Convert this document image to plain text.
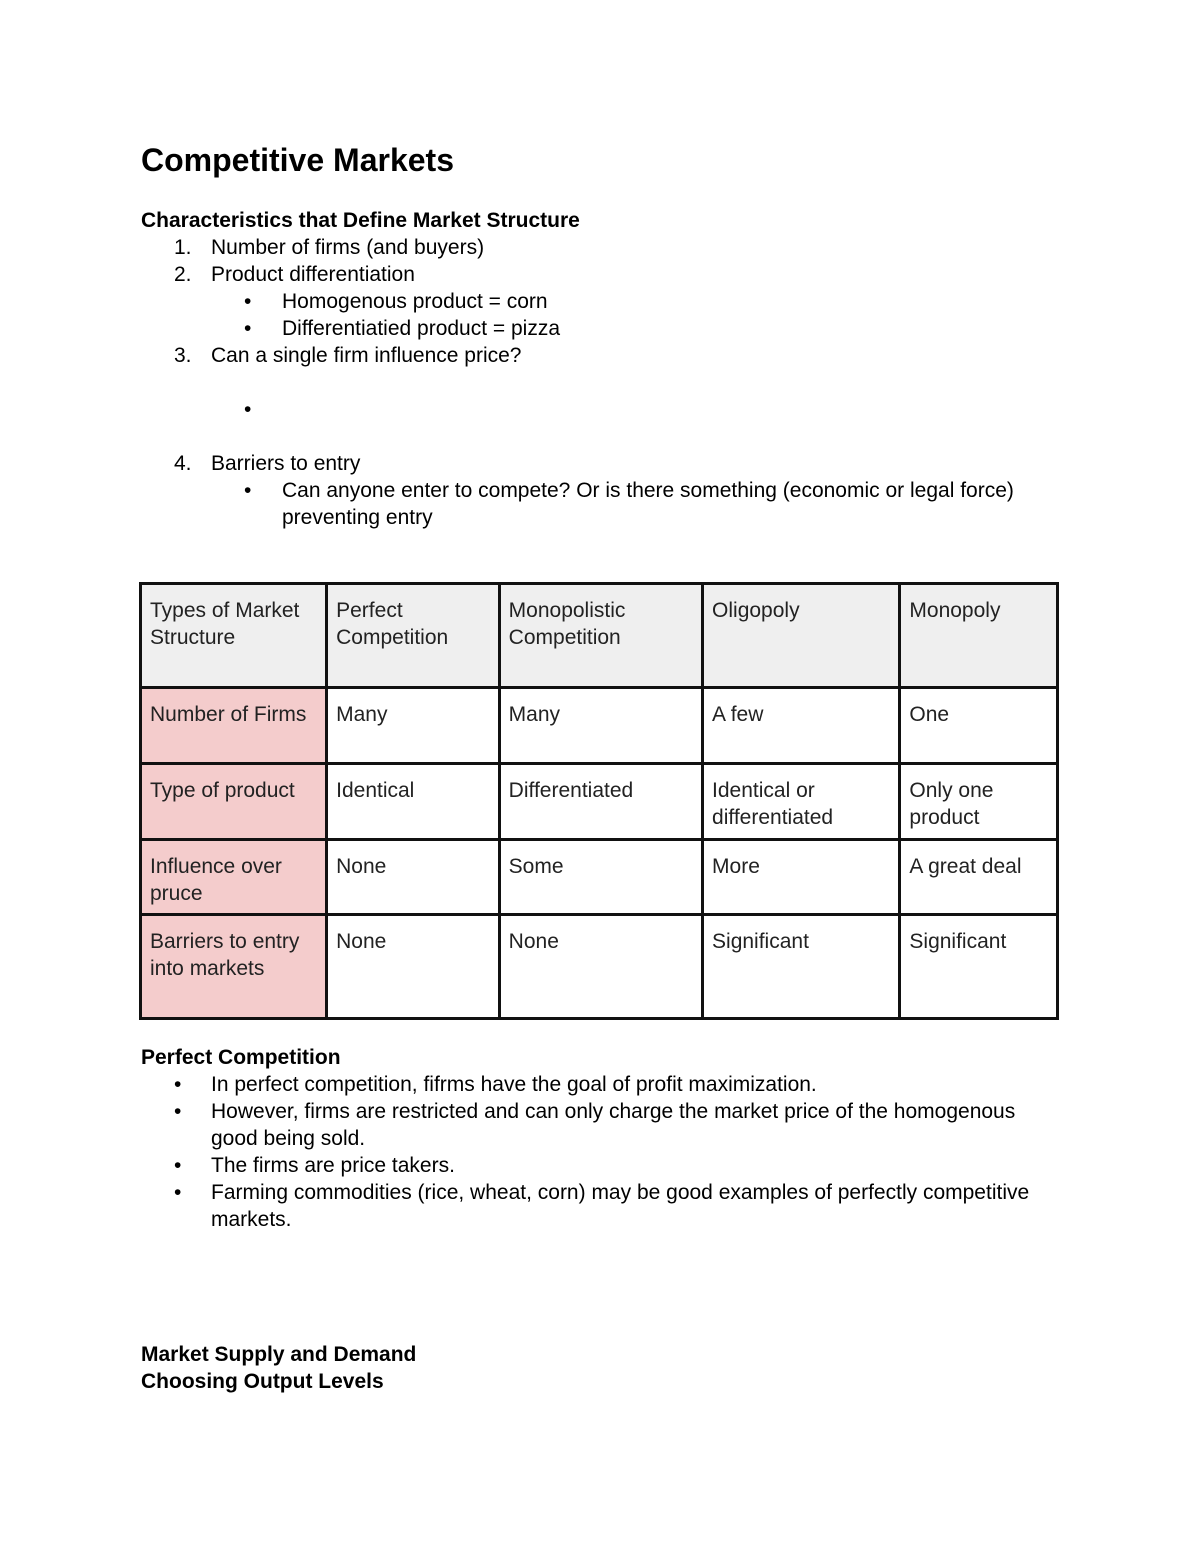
Competitive Markets
Characteristics that Define Market Structure
1. Number of firms (and buyers)
2. Product differentiation
• Homogenous product = corn
• Differentiatied product = pizza
3. Can a single firm influence price?
•

4. Barriers to entry
• Can anyone enter to compete? Or is there something (economic or legal force) preventing entry
Types of Market Structure	Perfect Competition	Monopolistic Competition	Oligopoly	Monopoly
Number of Firms	Many	Many	A few	One
Type of product	Identical	Differentiated	Identical or differentiated	Only one product
Influence over pruce	None	Some	More	A great deal
Barriers to entry into markets	None	None	Significant	Significant
Perfect Competition
• In perfect competition, fifrms have the goal of profit maximization.
• However, firms are restricted and can only charge the market price of the homogenous good being sold.
• The firms are price takers.
• Farming commodities (rice, wheat, corn) may be good examples of perfectly competitive markets.
Market Supply and Demand
Choosing Output Levels
